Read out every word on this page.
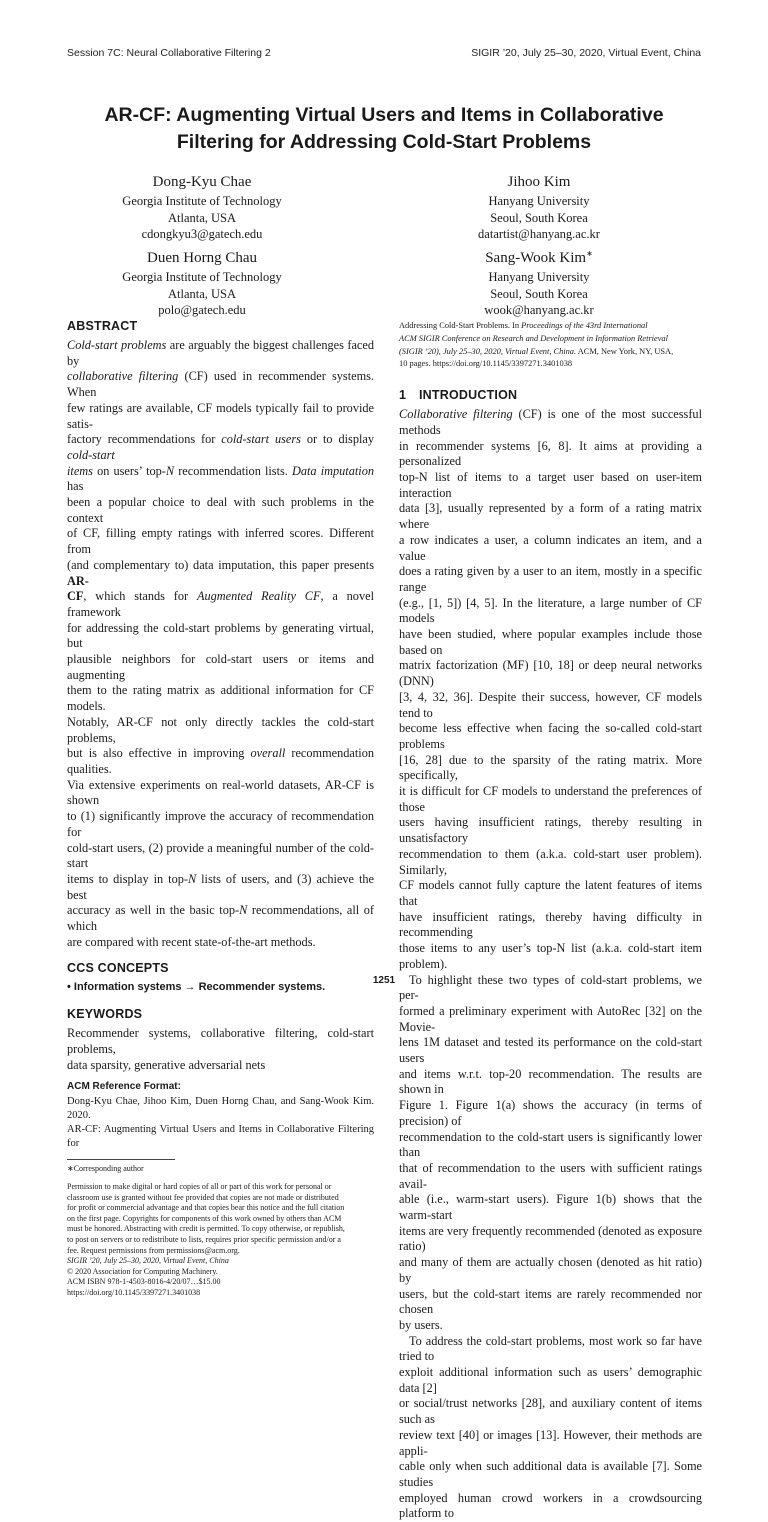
Session 7C: Neural Collaborative Filtering 2	SIGIR ’20, July 25–30, 2020, Virtual Event, China
AR-CF: Augmenting Virtual Users and Items in Collaborative
Filtering for Addressing Cold-Start Problems
Dong-Kyu Chae
Georgia Institute of Technology
Atlanta, USA
cdongkyu3@gatech.edu
Jihoo Kim
Hanyang University
Seoul, South Korea
datartist@hanyang.ac.kr
Duen Horng Chau
Georgia Institute of Technology
Atlanta, USA
polo@gatech.edu
Sang-Wook Kim∗
Hanyang University
Seoul, South Korea
wook@hanyang.ac.kr
ABSTRACT
Cold-start problems are arguably the biggest challenges faced by
collaborative filtering (CF) used in recommender systems. When
few ratings are available, CF models typically fail to provide satis-
factory recommendations for cold-start users or to display cold-start
items on users’ top-N recommendation lists. Data imputation has
been a popular choice to deal with such problems in the context
of CF, filling empty ratings with inferred scores. Different from
(and complementary to) data imputation, this paper presents AR-
CF, which stands for Augmented Reality CF, a novel framework
for addressing the cold-start problems by generating virtual, but
plausible neighbors for cold-start users or items and augmenting
them to the rating matrix as additional information for CF models.
Notably, AR-CF not only directly tackles the cold-start problems,
but is also effective in improving overall recommendation qualities.
Via extensive experiments on real-world datasets, AR-CF is shown
to (1) significantly improve the accuracy of recommendation for
cold-start users, (2) provide a meaningful number of the cold-start
items to display in top-N lists of users, and (3) achieve the best
accuracy as well in the basic top-N recommendations, all of which
are compared with recent state-of-the-art methods.
CCS CONCEPTS
• Information systems → Recommender systems.
KEYWORDS
Recommender systems, collaborative filtering, cold-start problems,
data sparsity, generative adversarial nets
ACM Reference Format:
Dong-Kyu Chae, Jihoo Kim, Duen Horng Chau, and Sang-Wook Kim. 2020.
AR-CF: Augmenting Virtual Users and Items in Collaborative Filtering for
∗Corresponding author
Permission to make digital or hard copies of all or part of this work for personal or
classroom use is granted without fee provided that copies are not made or distributed
for profit or commercial advantage and that copies bear this notice and the full citation
on the first page. Copyrights for components of this work owned by others than ACM
must be honored. Abstracting with credit is permitted. To copy otherwise, or republish,
to post on servers or to redistribute to lists, requires prior specific permission and/or a
fee. Request permissions from permissions@acm.org.
SIGIR ’20, July 25–30, 2020, Virtual Event, China
© 2020 Association for Computing Machinery.
ACM ISBN 978-1-4503-8016-4/20/07…$15.00
https://doi.org/10.1145/3397271.3401038
Addressing Cold-Start Problems. In Proceedings of the 43rd International
ACM SIGIR Conference on Research and Development in Information Retrieval
(SIGIR ’20), July 25–30, 2020, Virtual Event, China. ACM, New York, NY, USA,
10 pages. https://doi.org/10.1145/3397271.3401038
1 INTRODUCTION
Collaborative filtering (CF) is one of the most successful methods
in recommender systems [6, 8]. It aims at providing a personalized
top-N list of items to a target user based on user-item interaction
data [3], usually represented by a form of a rating matrix where
a row indicates a user, a column indicates an item, and a value
does a rating given by a user to an item, mostly in a specific range
(e.g., [1, 5]) [4, 5]. In the literature, a large number of CF models
have been studied, where popular examples include those based on
matrix factorization (MF) [10, 18] or deep neural networks (DNN)
[3, 4, 32, 36]. Despite their success, however, CF models tend to
become less effective when facing the so-called cold-start problems
[16, 28] due to the sparsity of the rating matrix. More specifically,
it is difficult for CF models to understand the preferences of those
users having insufficient ratings, thereby resulting in unsatisfactory
recommendation to them (a.k.a. cold-start user problem). Similarly,
CF models cannot fully capture the latent features of items that
have insufficient ratings, thereby having difficulty in recommending
those items to any user’s top-N list (a.k.a. cold-start item problem).
To highlight these two types of cold-start problems, we per-
formed a preliminary experiment with AutoRec [32] on the Movie-
lens 1M dataset and tested its performance on the cold-start users
and items w.r.t. top-20 recommendation. The results are shown in
Figure 1. Figure 1(a) shows the accuracy (in terms of precision) of
recommendation to the cold-start users is significantly lower than
that of recommendation to the users with sufficient ratings avail-
able (i.e., warm-start users). Figure 1(b) shows that the warm-start
items are very frequently recommended (denoted as exposure ratio)
and many of them are actually chosen (denoted as hit ratio) by
users, but the cold-start items are rarely recommended nor chosen
by users.
To address the cold-start problems, most work so far have tried to
exploit additional information such as users’ demographic data [2]
or social/trust networks [28], and auxiliary content of items such as
review text [40] or images [13]. However, their methods are appli-
cable only when such additional data is available [7]. Some studies
employed human crowd workers in a crowdsourcing platform to
1251
